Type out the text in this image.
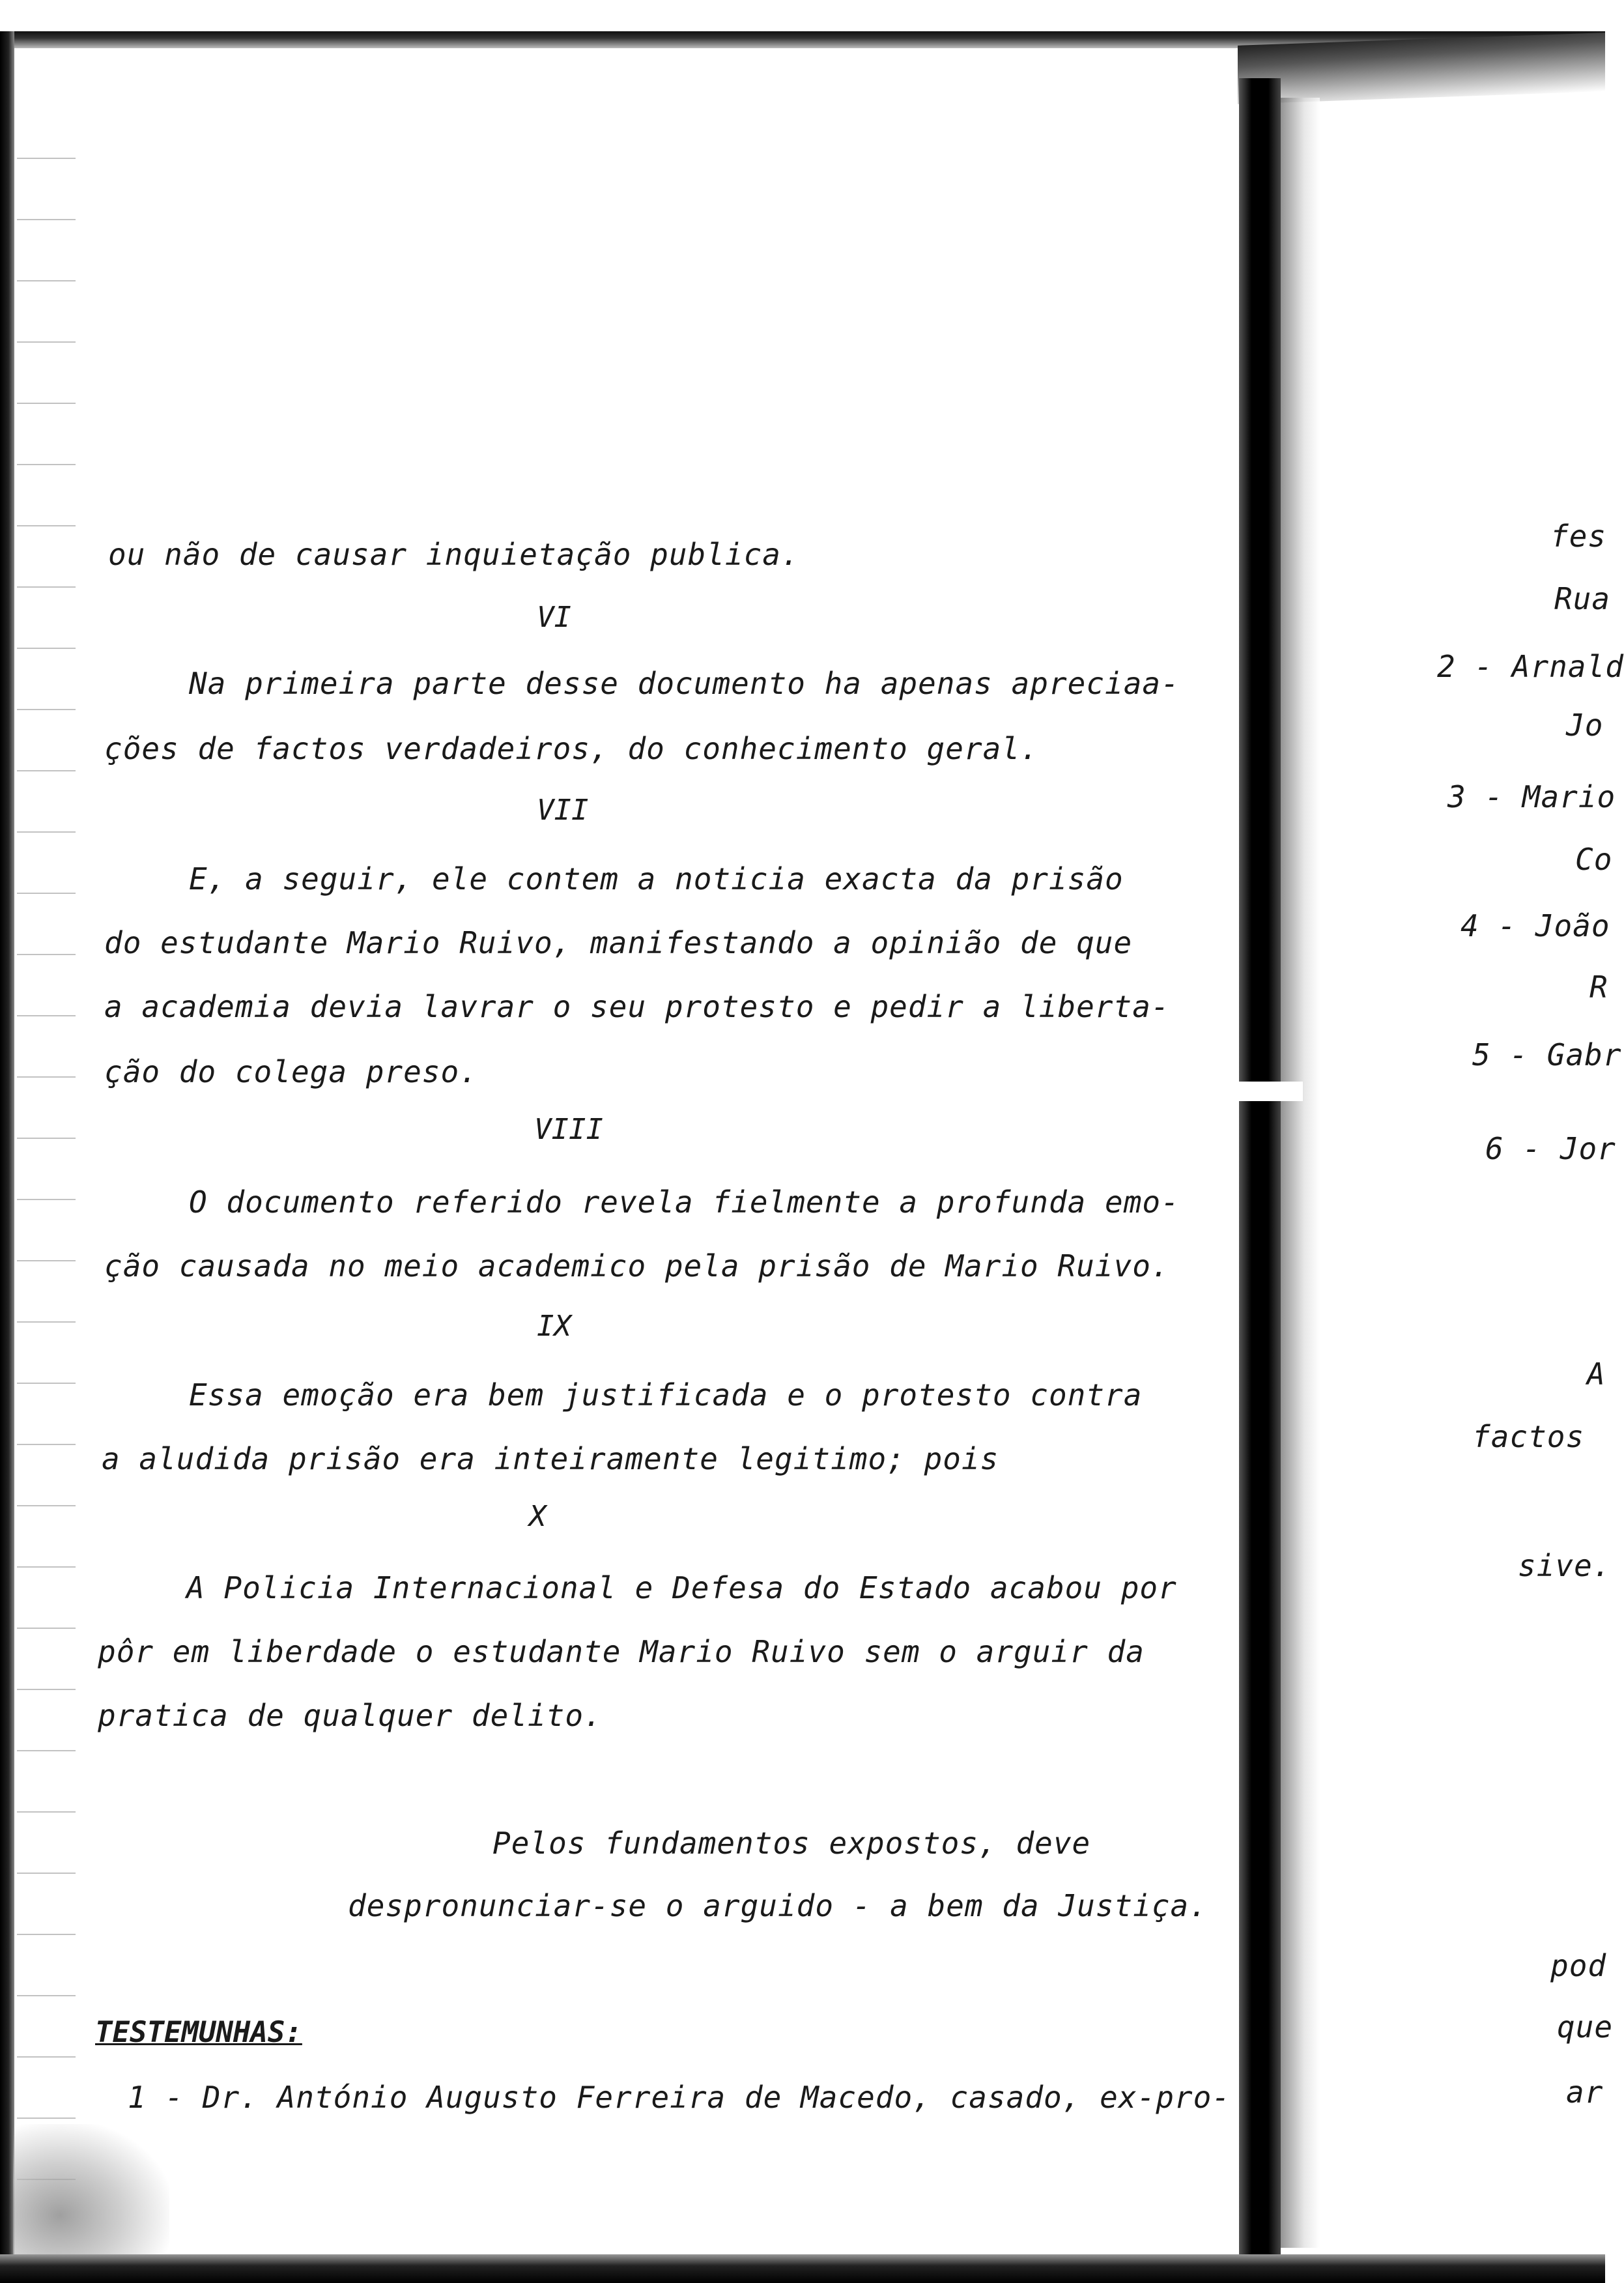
ou não de causar inquietação publica.
VI
Na primeira parte desse documento ha apenas apreciaa-
ções de factos verdadeiros, do conhecimento geral.
VII
E, a seguir, ele contem a noticia exacta da prisão
do estudante Mario Ruivo, manifestando a opinião de que
a academia devia lavrar o seu protesto e pedir a liberta-
ção do colega preso.
VIII
O documento referido revela fielmente a profunda emo-
ção causada no meio academico pela prisão de Mario Ruivo.
IX
Essa emoção era bem justificada e o protesto contra
a aludida prisão era inteiramente legitimo; pois
X
A Policia Internacional e Defesa do Estado acabou por
pôr em liberdade o estudante Mario Ruivo sem o arguir da
pratica de qualquer delito.
Pelos fundamentos expostos, deve
despronunciar-se o arguido - a bem da Justiça.
TESTEMUNHAS:
1 - Dr. António Augusto Ferreira de Macedo, casado, ex-pro-
fes
Rua
2 - Arnald
Jo
3 - Mario
Co
4 - João
R
5 - Gabr
6 - Jor
A
factos
sive.
pod
que
ar
